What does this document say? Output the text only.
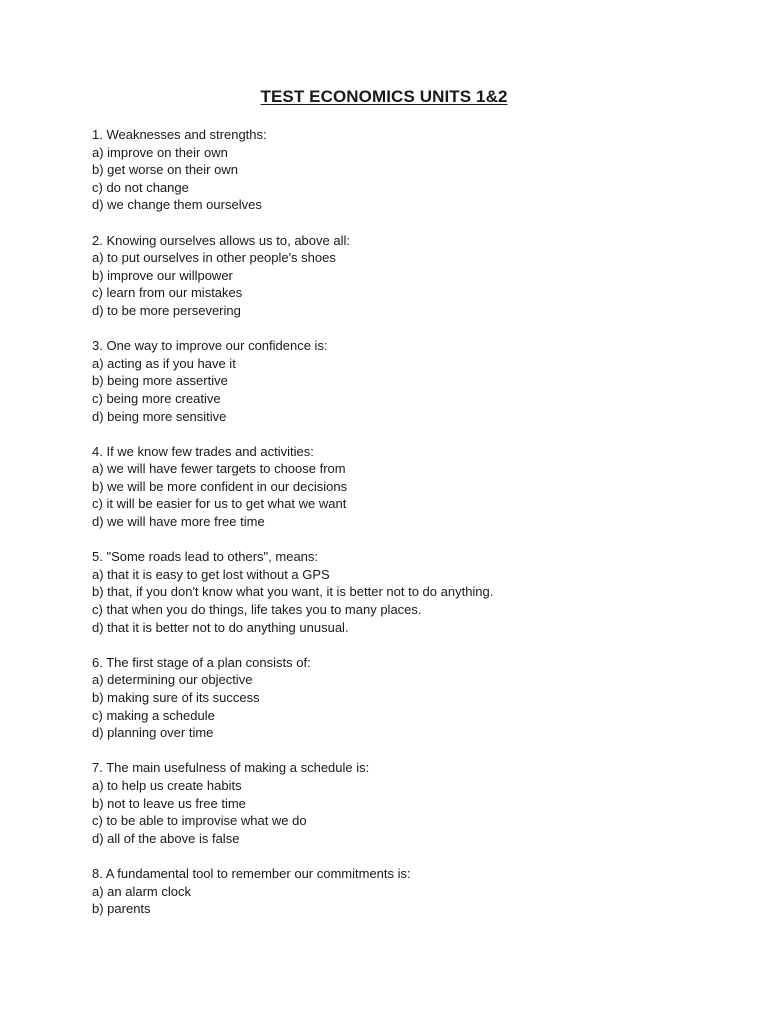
TEST ECONOMICS UNITS 1&2
1. Weaknesses and strengths:
a) improve on their own
b) get worse on their own
c) do not change
d) we change them ourselves
2. Knowing ourselves allows us to, above all:
a) to put ourselves in other people's shoes
b) improve our willpower
c) learn from our mistakes
d) to be more persevering
3. One way to improve our confidence is:
a) acting as if you have it
b) being more assertive
c) being more creative
d) being more sensitive
4. If we know few trades and activities:
a) we will have fewer targets to choose from
b) we will be more confident in our decisions
c) it will be easier for us to get what we want
d) we will have more free time
5. "Some roads lead to others", means:
a) that it is easy to get lost without a GPS
b) that, if you don't know what you want, it is better not to do anything.
c) that when you do things, life takes you to many places.
d) that it is better not to do anything unusual.
6. The first stage of a plan consists of:
a) determining our objective
b) making sure of its success
c) making a schedule
d) planning over time
7. The main usefulness of making a schedule is:
a) to help us create habits
b) not to leave us free time
c) to be able to improvise what we do
d) all of the above is false
8. A fundamental tool to remember our commitments is:
a) an alarm clock
b) parents
